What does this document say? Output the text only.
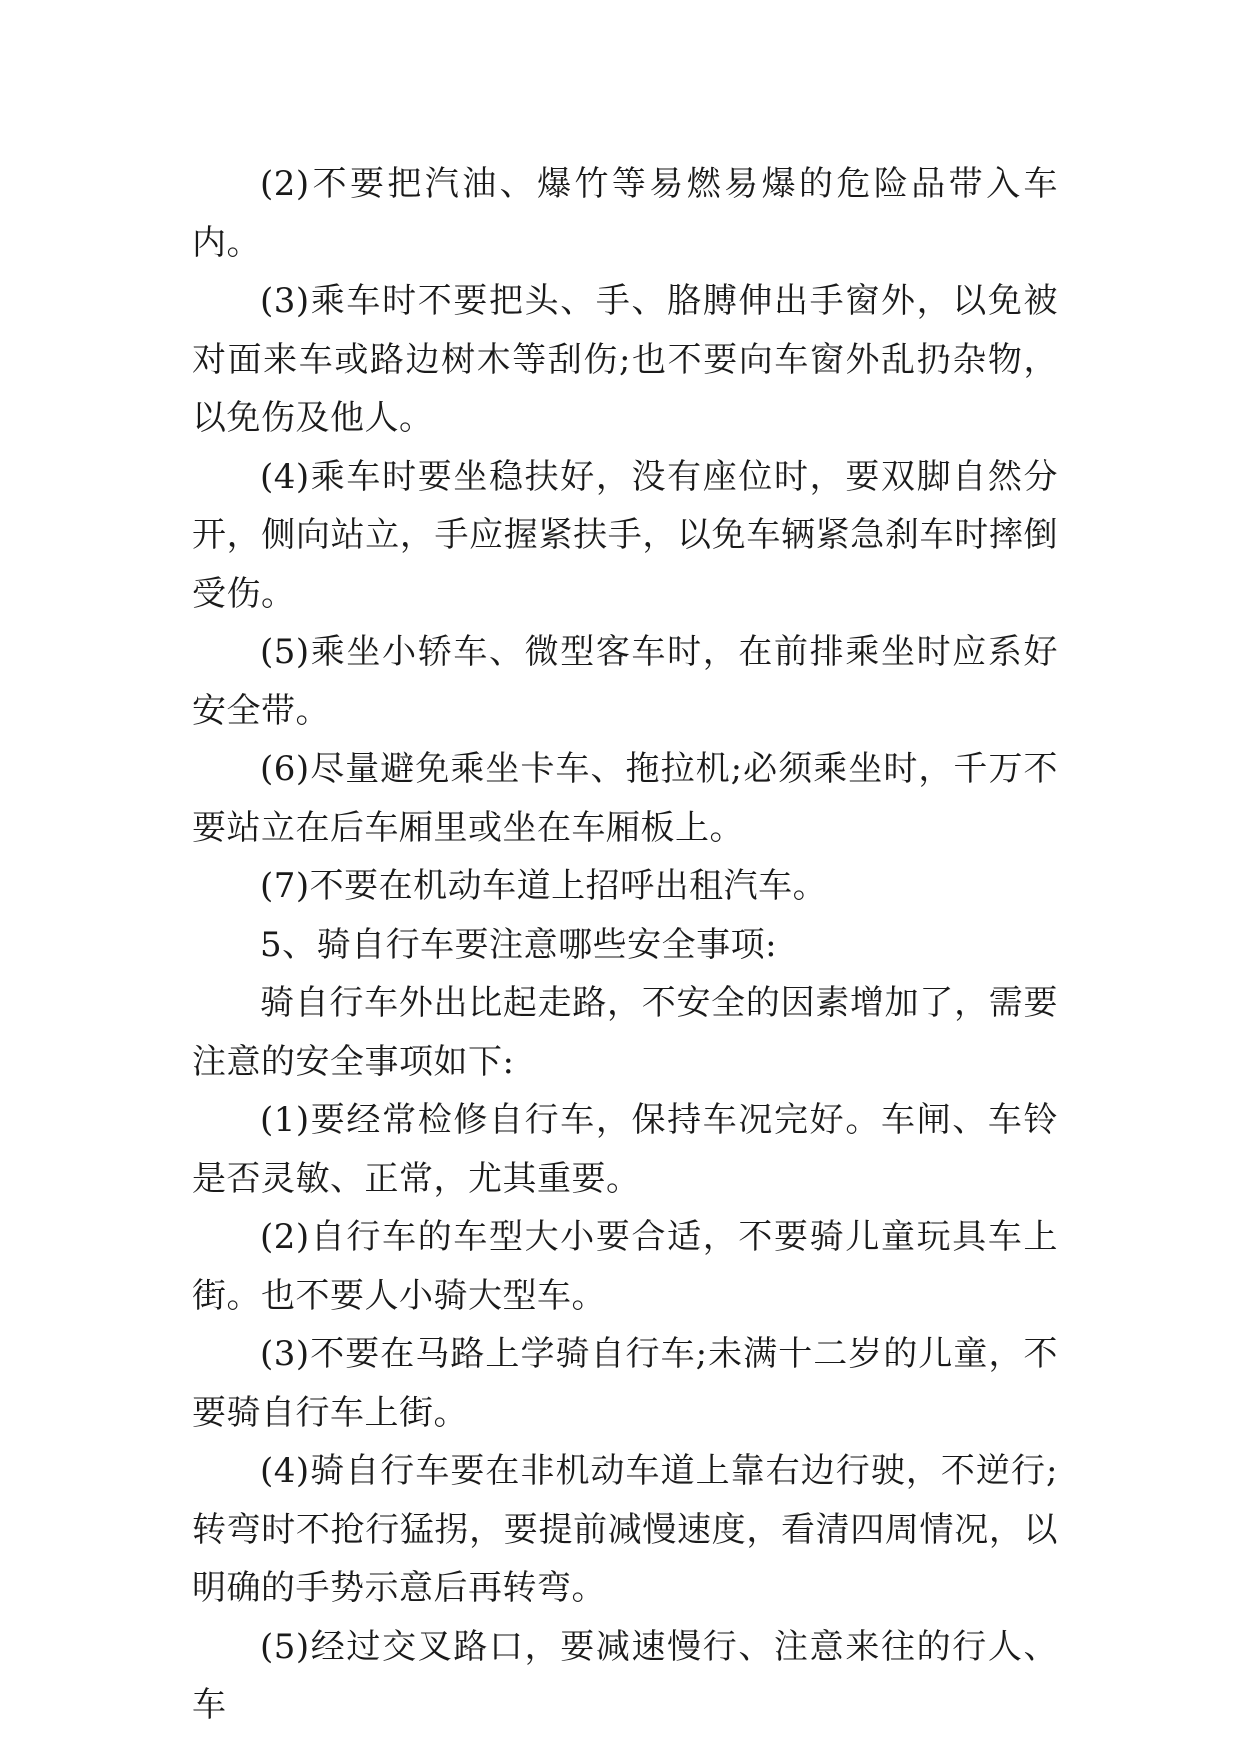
(2)不要把汽油、爆竹等易燃易爆的危险品带入车内。

(3)乘车时不要把头、手、胳膊伸出手窗外，以免被对面来车或路边树木等刮伤;也不要向车窗外乱扔杂物，以免伤及他人。

(4)乘车时要坐稳扶好，没有座位时，要双脚自然分开，侧向站立，手应握紧扶手，以免车辆紧急刹车时摔倒受伤。

(5)乘坐小轿车、微型客车时，在前排乘坐时应系好安全带。

(6)尽量避免乘坐卡车、拖拉机;必须乘坐时，千万不要站立在后车厢里或坐在车厢板上。

(7)不要在机动车道上招呼出租汽车。

5、骑自行车要注意哪些安全事项:

骑自行车外出比起走路，不安全的因素增加了，需要注意的安全事项如下:

(1)要经常检修自行车，保持车况完好。车闸、车铃是否灵敏、正常，尤其重要。

(2)自行车的车型大小要合适，不要骑儿童玩具车上街。也不要人小骑大型车。

(3)不要在马路上学骑自行车;未满十二岁的儿童，不要骑自行车上街。

(4)骑自行车要在非机动车道上靠右边行驶，不逆行;转弯时不抢行猛拐，要提前减慢速度，看清四周情况，以明确的手势示意后再转弯。

(5)经过交叉路口，要减速慢行、注意来往的行人、车
